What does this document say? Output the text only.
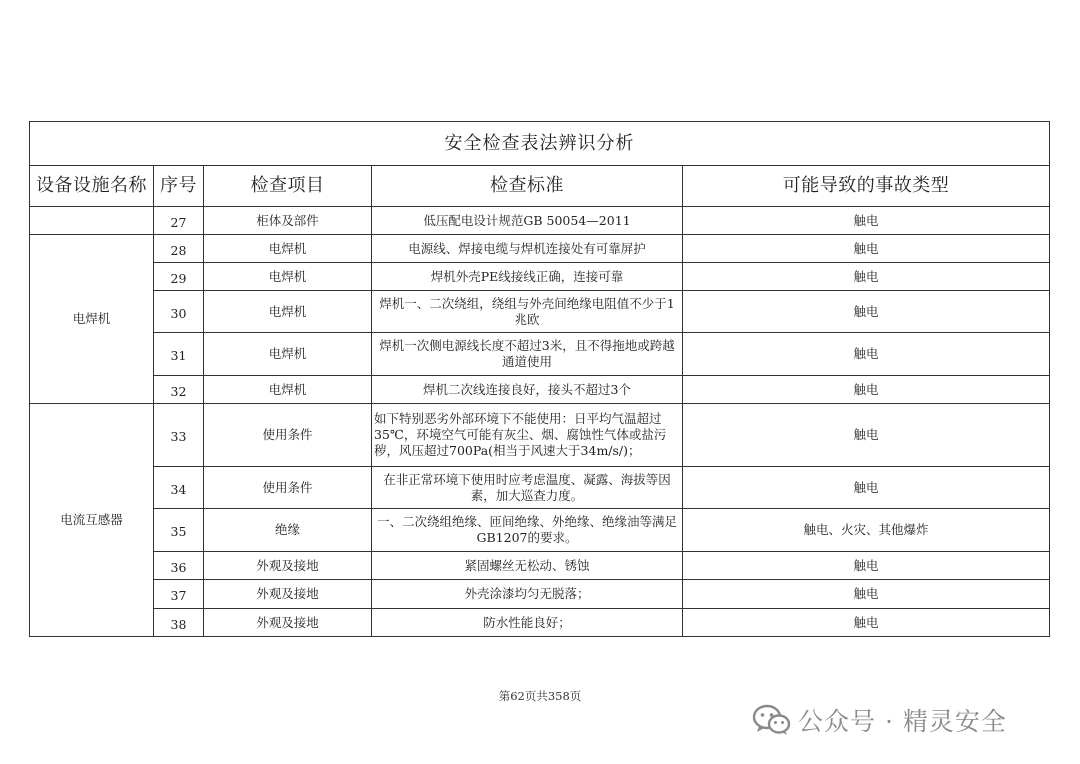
安全检查表法辨识分析				
设备设施名称	序号	检查项目	检查标准	可能导致的事故类型
	27	柜体及部件	低压配电设计规范GB 50054—2011	触电
电焊机	28	电焊机	电源线、焊接电缆与焊机连接处有可靠屏护	触电
	29	电焊机	焊机外壳PE线接线正确，连接可靠	触电
	30	电焊机	焊机一、二次绕组，绕组与外壳间绝缘电阻值不少于1兆欧	触电
	31	电焊机	焊机一次侧电源线长度不超过3米，且不得拖地或跨越通道使用	触电
	32	电焊机	焊机二次线连接良好，接头不超过3个	触电
电流互感器	33	使用条件	如下特别恶劣外部环境下不能使用：日平均气温超过35℃，环境空气可能有灰尘、烟、腐蚀性气体或盐污秽，风压超过700Pa(相当于风速大于34m/s/)；	触电
	34	使用条件	在非正常环境下使用时应考虑温度、凝露、海拔等因素，加大巡查力度。	触电
	35	绝缘	一、二次绕组绝缘、匝间绝缘、外绝缘、绝缘油等满足GB1207的要求。	触电、火灾、其他爆炸
	36	外观及接地	紧固螺丝无松动、锈蚀	触电
	37	外观及接地	外壳涂漆均匀无脱落；	触电
	38	外观及接地	防水性能良好；	触电
第62页共358页
公众号 · 精灵安全
